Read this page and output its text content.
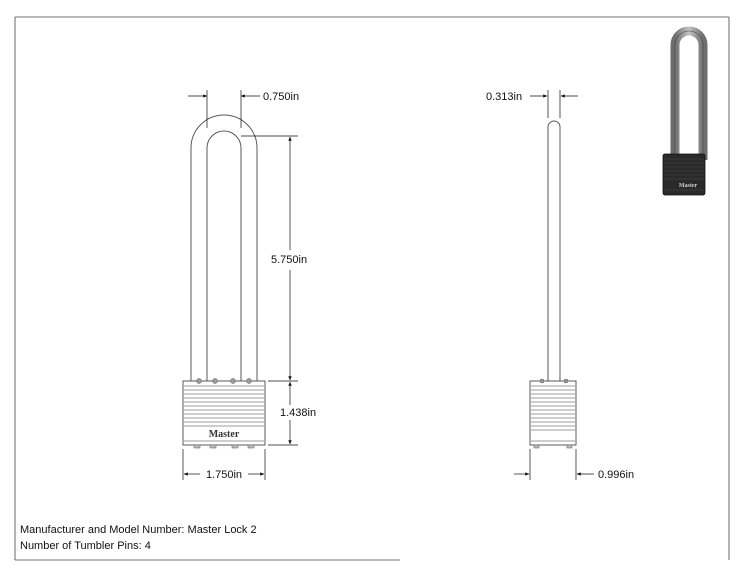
Master
0.750in
5.750in
1.438in
1.750in
0.313in
0.996in
Master

Manufacturer and Model Number: Master Lock 2

Number of Tumbler Pins: 4
